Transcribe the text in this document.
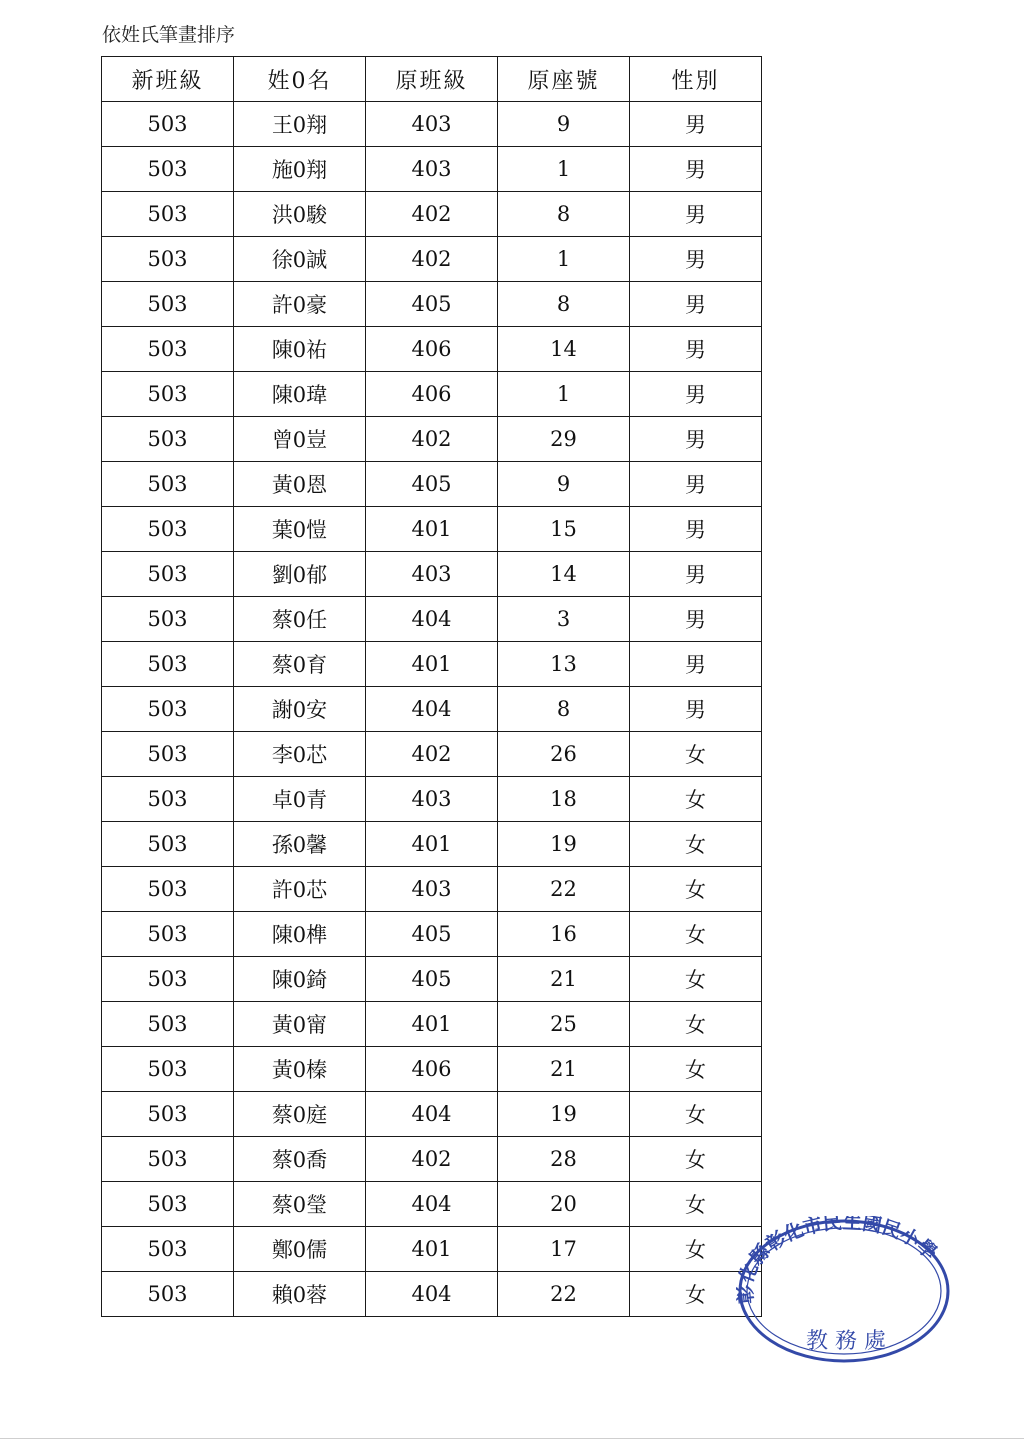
依姓氏筆畫排序
新班級	姓0名	原班級	原座號	性別
503	王0翔	403	9	男
503	施0翔	403	1	男
503	洪0駿	402	8	男
503	徐0誠	402	1	男
503	許0豪	405	8	男
503	陳0祐	406	14	男
503	陳0瑋	406	1	男
503	曾0豈	402	29	男
503	黃0恩	405	9	男
503	葉0愷	401	15	男
503	劉0郁	403	14	男
503	蔡0任	404	3	男
503	蔡0育	401	13	男
503	謝0安	404	8	男
503	李0芯	402	26	女
503	卓0青	403	18	女
503	孫0馨	401	19	女
503	許0芯	403	22	女
503	陳0榫	405	16	女
503	陳0錡	405	21	女
503	黃0甯	401	25	女
503	黃0榛	406	21	女
503	蔡0庭	404	19	女
503	蔡0喬	402	28	女
503	蔡0瑩	404	20	女
503	鄭0儒	401	17	女
503	賴0蓉	404	22	女 彰化縣彰化市民生國民小學
教 務 處
